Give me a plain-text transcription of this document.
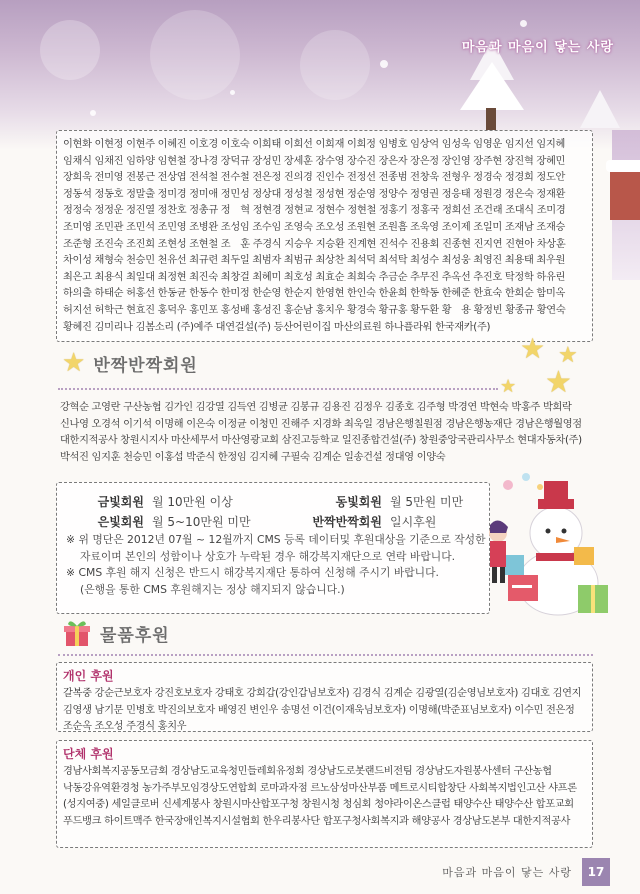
마음과 마음이 닿는 사랑
이현화 이현정 이현주 이혜진 이호경 이호숙 이희태 이희선 이희재 이희정 임병호 임상억 임성욱 임영운 임지선 임지혜 임채식 임채진 임하양 임현철 장나경 장덕규 장성민 장세훈 장수영 장수진 장은자 장은정 장인영 장주현 장진혁 장혜민 장희욱 전미영 전봉근 전상엽 전석철 전수철 전은정 진의경 진인수 전정선 전종범 전창욱 전형우 정경숙 정경희 정도안 정동석 정동호 정말출 정미경 정미애 정민성 정상대 정성철 정성현 정순영 정양수 정영권 정응태 정원경 정은숙 정재환 정정숙 정정운 정진열 정찬호 정총규 정　혁 정현경 정현교 정현수 정현철 정홍기 정홍국 정희선 조건래 조대식 조미경 조미영 조민관 조민석 조민영 조병완 조성임 조수임 조영숙 조오성 조원현 조원흠 조욱영 조이제 조일미 조재남 조재승 조준형 조진숙 조진희 조현성 조현철 조　훈 주경식 지승우 지승환 진계현 진석수 진용회 진종현 진지연 진현아 차상훈 차이성 채형숙 천승민 천유선 최규련 최두일 최범자 최범규 최상찬 최석덕 최석탁 최성수 최성웅 최영진 최용태 최우원 최은고 최용식 최일대 최정현 최진숙 최창걸 최혜미 최호성 최효순 최희숙 추금순 추무진 추옥선 추진호 탁정학 하유린 하의출 하태순 허홍선 한동균 한동수 한미정 한순영 한순지 한영현 한인숙 한윤희 한학동 한혜준 한효숙 한희순 함미옥 허지선 허학근 현효진 홍덕우 홍민포 홍성배 홍성진 홍순남 홍치우 황경숙 황규홍 황두환 황　용 황정빈 황종규 황연숙 황혜진 김미리나 김봄소리 (주)예주 대연걸설(주) 등산어린이집 마산의료원 하나플라워 한국재카(주)
★ 반짝반짝회원
★ ★
★
★
강혁순 고영란 구산농협 김가인 김강열 김득연 김병균 김봉규 김용진 김정우 김종호 김주형 박경연 박현숙 박홍주 박희락 신나영 오경석 이기석 이명해 이은숙 이정균 이청민 진해주 지경화 최욱일 경남은행칠원점 경남은행농재단 경남은행월영점 대한지적공사 창원시지사 마산세무서 마산영광교회 삼진고등학교 일진종합건설(주) 창원중앙국관리사무소 현대자동차(주) 박석진 임지훈 천승민 이홍섭 박준식 한정임 김지혜 구필숙 김계순 일송건설 정대영 이양숙
금빛회원 월 10만원 이상	동빛회원 월 5만원 미만
은빛회원 월 5~10만원 미만	반짝반짝회원 일시후원
※ 위 명단은 2012년 07월 ~ 12월까지 CMS 등록 데이터및 후원대상을 기준으로 작성한
자료이며 본인의 성함이나 상호가 누락된 경우 해강복지재단으로 연락 바랍니다.
※ CMS 후원 해지 신청은 반드시 해강복지재단 통하여 신청해 주시기 바랍니다.
(은행을 통한 CMS 후원해지는 정상 해지되지 않습니다.)
물품후원
개인 후원
갈복중 강순근보호자 강진호보호자 강태호 강희갑(강인갑님보호자) 김경식 김계순 김광열(김순영님보호자) 김대호 김연지 김영생 남기문 민병호 박진의보호자 배영진 변인우 송명선 이건(이재욱님보호자) 이명해(박준표님보호자) 이수민 전은정 조순옥 조오성 주경식 홍치우
단체 후원
경남사회복지공동모금회 경상남도교육청민들레회유정회 경상남도로봇랜드비전팀 경상남도자원봉사센터 구산농협 낙동강유역환경청 농가주부모임경상도연합회 로마과자점 르노삼성마산부품 메트로시티합창단 사회복지법인고산 샤프론(성지여중) 세일클로버 신세계봉사 창원시마산합포구청 창원시청 청심회 청야라이온스클럽 태양수산 태양수산 합포교회 푸드뱅크 하이트맥주 한국장애인복지시설협회 한우리봉사단 합포구청사회복지과 해양공사 경상남도본부 대한지적공사
마음과 마음이 닿는 사랑	17
